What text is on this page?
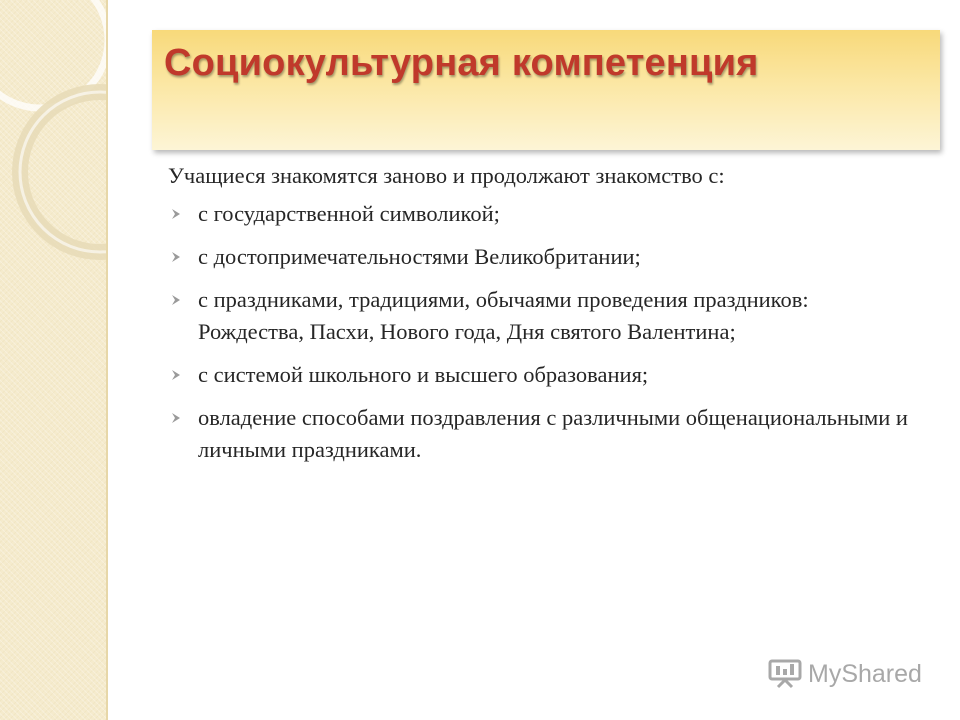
Социокультурная компетенция

Учащиеся знакомятся заново и продолжают знакомство с:

с государственной символикой;
с достопримечательностями Великобритании;
с праздниками, традициями, обычаями проведения праздников: Рождества, Пасхи, Нового года, Дня святого Валентина;
с системой школьного и высшего образования;
овладение способами поздравления с различными общенациональными и личными праздниками.
MyShared
